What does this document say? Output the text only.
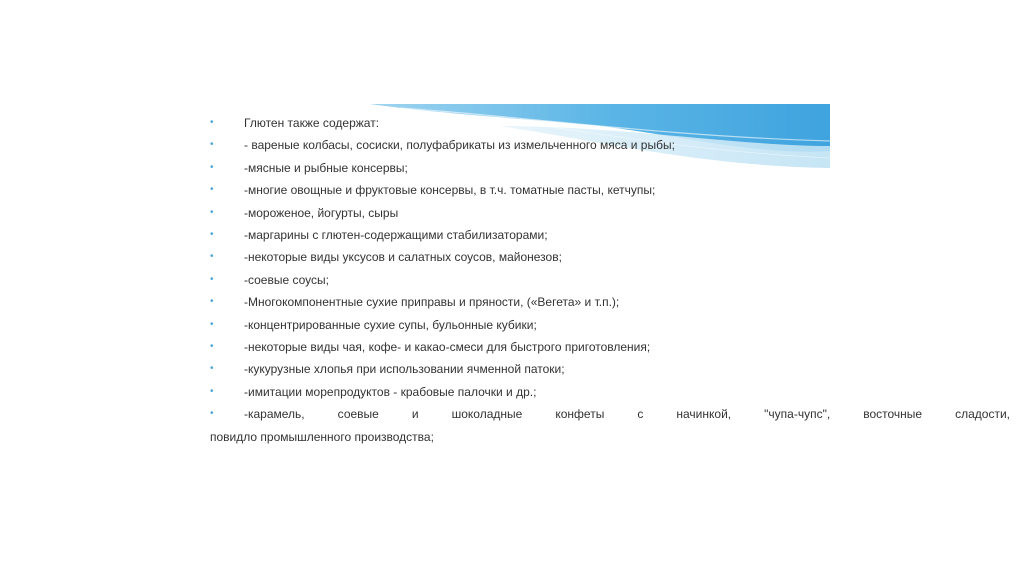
•	Глютен также содержат:
•	- вареные колбасы, сосиски, полуфабрикаты из измельченного мяса и рыбы;
•	-мясные и рыбные консервы;
•	-многие овощные и фруктовые консервы, в т.ч. томатные пасты, кетчупы;
•	-мороженое, йогурты, сыры
•	-маргарины с глютен-содержащими стабилизаторами;
•	-некоторые виды уксусов и салатных соусов, майонезов;
•	-соевые соусы;
•	-Многокомпонентные сухие приправы и пряности, («Вегета» и т.п.);
•	-концентрированные сухие супы, бульонные кубики;
•	-некоторые виды чая, кофе- и какао-смеси для быстрого приготовления;
•	-кукурузные хлопья при использовании ячменной патоки;
•	-имитации морепродуктов - крабовые палочки и др.;
•	-карамель, соевые и шоколадные конфеты с начинкой, "чупа-чупс", восточные сладости,
повидло промышленного производства;
